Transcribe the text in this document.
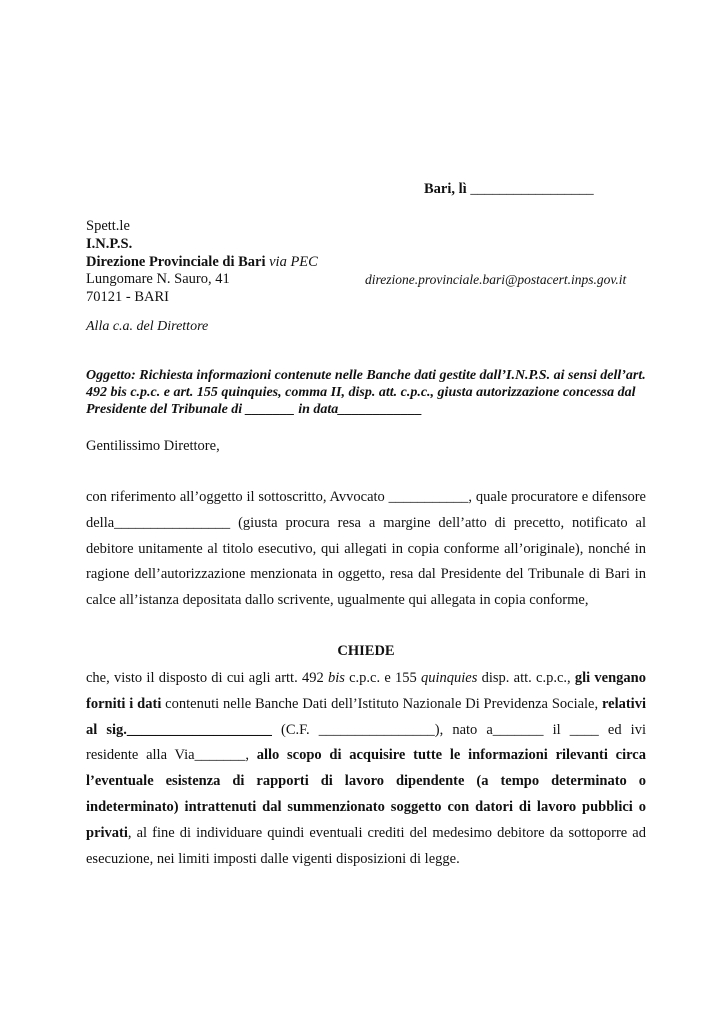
Bari, lì _________________
Spett.le
I.N.P.S.
Direzione Provinciale di Bari via PEC
Lungomare N. Sauro, 41	direzione.provinciale.bari@postacert.inps.gov.it
70121 - BARI
Alla c.a. del Direttore
Oggetto: Richiesta informazioni contenute nelle Banche dati gestite dall’I.N.P.S. ai sensi dell’art. 492 bis c.p.c. e art. 155 quinquies, comma II, disp. att. c.p.c., giusta autorizzazione concessa dal Presidente del Tribunale di _______ in data____________
Gentilissimo Direttore,
con riferimento all’oggetto il sottoscritto, Avvocato ___________, quale procuratore e difensore della________________ (giusta procura resa a margine dell’atto di precetto, notificato al debitore unitamente al titolo esecutivo, qui allegati in copia conforme all’originale), nonché in ragione dell’autorizzazione menzionata in oggetto, resa dal Presidente del Tribunale di Bari in calce all’istanza depositata dallo scrivente, ugualmente qui allegata in copia conforme,
CHIEDE
che, visto il disposto di cui agli artt. 492 bis c.p.c. e 155 quinquies disp. att. c.p.c., gli vengano forniti i dati contenuti nelle Banche Dati dell’Istituto Nazionale Di Previdenza Sociale, relativi al sig.____________________ (C.F. ________________), nato a_______ il ____ ed ivi residente alla Via_______, allo scopo di acquisire tutte le informazioni rilevanti circa l’eventuale esistenza di rapporti di lavoro dipendente (a tempo determinato o indeterminato) intrattenuti dal summenzionato soggetto con datori di lavoro pubblici o privati, al fine di individuare quindi eventuali crediti del medesimo debitore da sottoporre ad esecuzione, nei limiti imposti dalle vigenti disposizioni di legge.
